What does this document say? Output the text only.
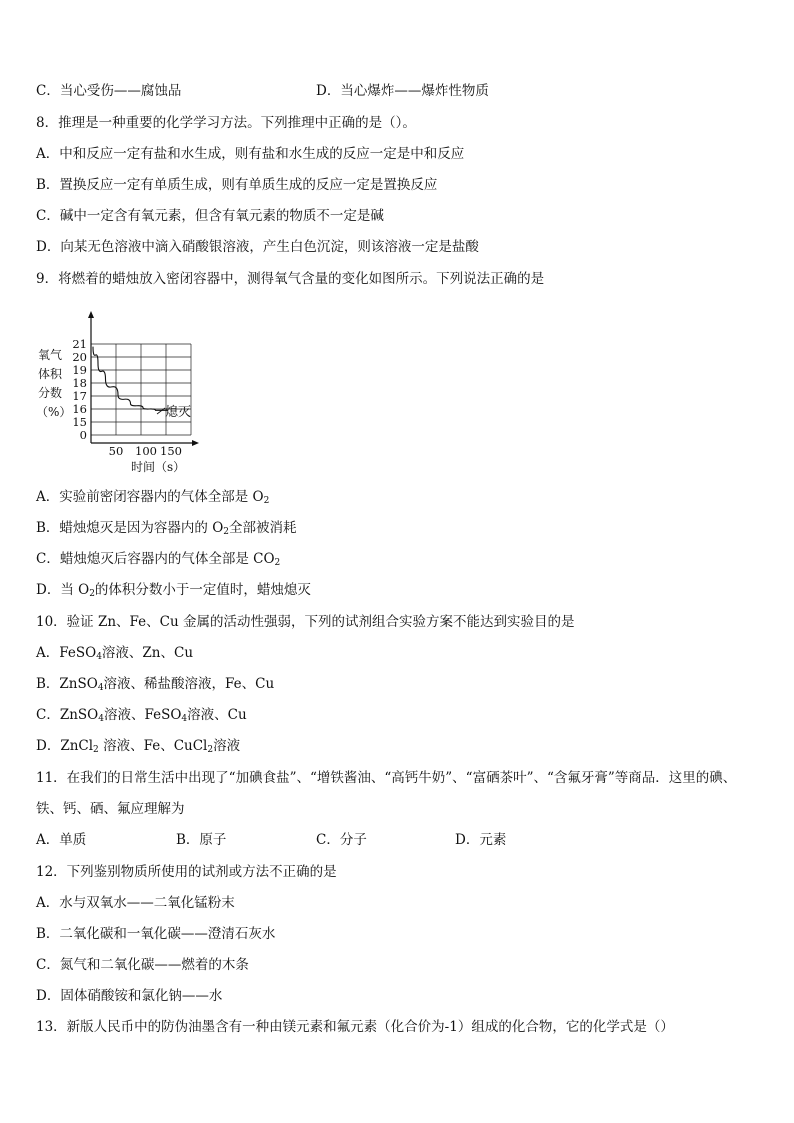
C．当心受伤——腐蚀品	D．当心爆炸——爆炸性物质
8．推理是一种重要的化学学习方法。下列推理中正确的是（）。
A．中和反应一定有盐和水生成，则有盐和水生成的反应一定是中和反应
B．置换反应一定有单质生成，则有单质生成的反应一定是置换反应
C．碱中一定含有氧元素，但含有氧元素的物质不一定是碱
D．向某无色溶液中滴入硝酸银溶液，产生白色沉淀，则该溶液一定是盐酸
9．将燃着的蜡烛放入密闭容器中，测得氧气含量的变化如图所示。下列说法正确的是
氧气
体积
分数
（%）
21
20
19
18
17
16
15
0
50 100 150
熄灭
时间（s）
A．实验前密闭容器内的气体全部是 $O_2$
B．蜡烛熄灭是因为容器内的 $O_2$全部被消耗
C．蜡烛熄灭后容器内的气体全部是 $CO_2$
D．当 $O_2$的体积分数小于一定值时，蜡烛熄灭
10．验证 Zn、Fe、Cu 金属的活动性强弱，下列的试剂组合实验方案不能达到实验目的是
A．FeSO$_4$溶液、Zn、Cu
B．ZnSO$_4$溶液、稀盐酸溶液，Fe、Cu
C．ZnSO$_4$溶液、FeSO$_4$溶液、Cu
D．ZnCl$_2$ 溶液、Fe、CuCl$_2$溶液
11．在我们的日常生活中出现了“加碘食盐”、“增铁酱油、“高钙牛奶”、“富硒茶叶”、“含氟牙膏”等商品．这里的碘、
铁、钙、硒、氟应理解为
A．单质	B．原子	C．分子	D．元素
12．下列鉴别物质所使用的试剂或方法不正确的是
A．水与双氧水——二氧化锰粉末
B．二氧化碳和一氧化碳——澄清石灰水
C．氮气和二氧化碳——燃着的木条
D．固体硝酸铵和氯化钠——水
13．新版人民币中的防伪油墨含有一种由镁元素和氟元素（化合价为-1）组成的化合物，它的化学式是（）
